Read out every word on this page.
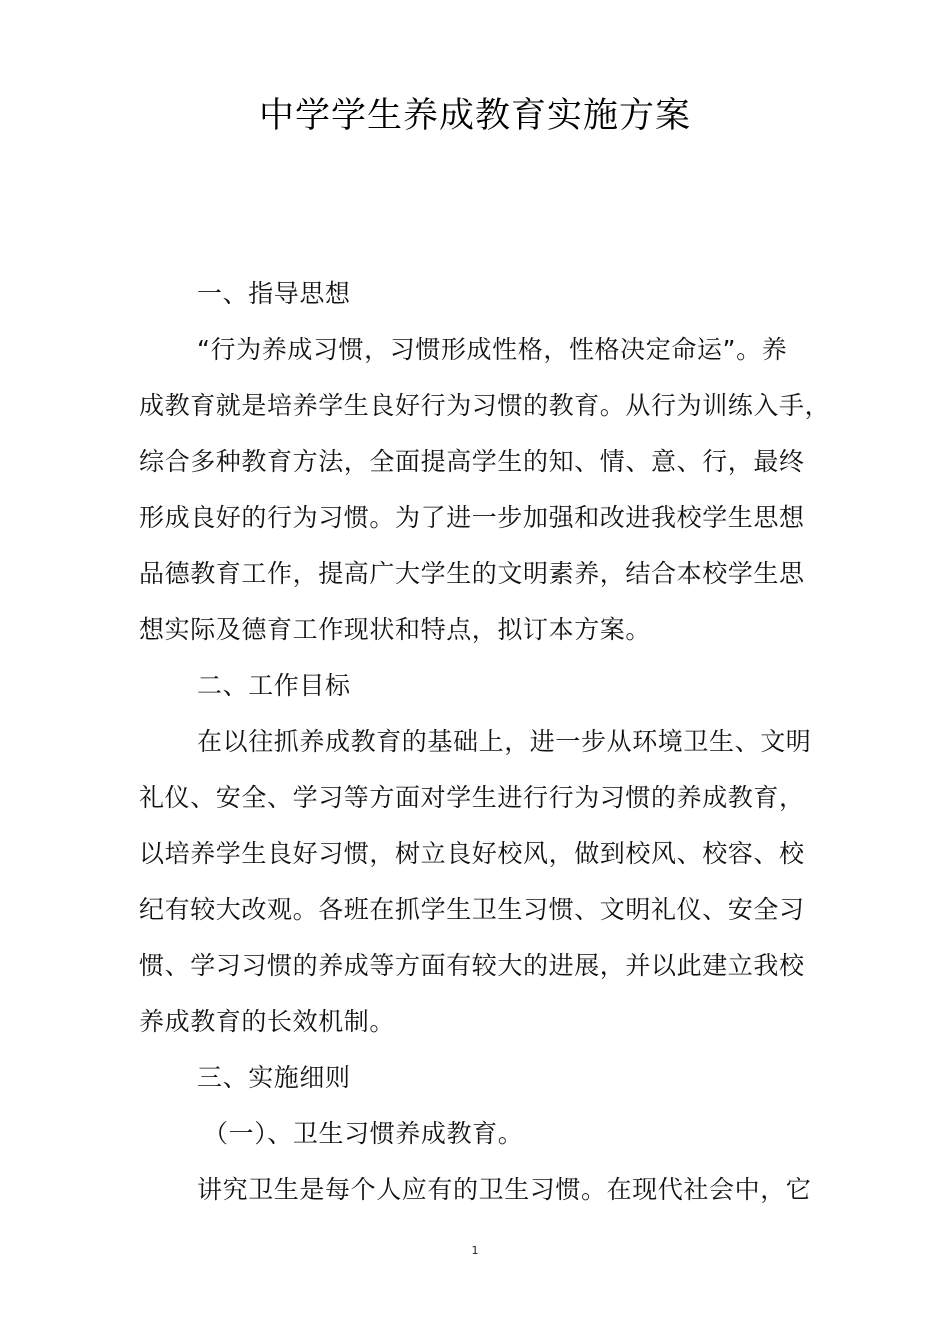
中学学生养成教育实施方案
一、指导思想
“行为养成习惯，习惯形成性格，性格决定命运”。养
成教育就是培养学生良好行为习惯的教育。从行为训练入手，
综合多种教育方法，全面提高学生的知、情、意、行，最终
形成良好的行为习惯。为了进一步加强和改进我校学生思想
品德教育工作，提高广大学生的文明素养，结合本校学生思
想实际及德育工作现状和特点，拟订本方案。
二、工作目标
在以往抓养成教育的基础上，进一步从环境卫生、文明
礼仪、安全、学习等方面对学生进行行为习惯的养成教育，
以培养学生良好习惯，树立良好校风，做到校风、校容、校
纪有较大改观。各班在抓学生卫生习惯、文明礼仪、安全习
惯、学习习惯的养成等方面有较大的进展，并以此建立我校
养成教育的长效机制。
三、实施细则
（一）、卫生习惯养成教育。
讲究卫生是每个人应有的卫生习惯。在现代社会中，它
1
